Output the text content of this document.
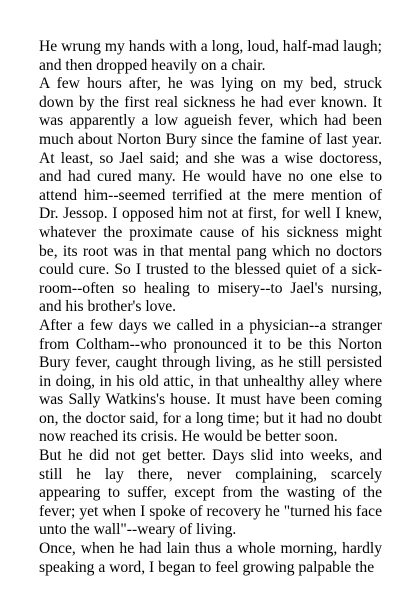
He wrung my hands with a long, loud, half-mad laugh; and then dropped heavily on a chair.

A few hours after, he was lying on my bed, struck down by the first real sickness he had ever known. It was apparently a low agueish fever, which had been much about Norton Bury since the famine of last year. At least, so Jael said; and she was a wise doctoress, and had cured many. He would have no one else to attend him--seemed terrified at the mere mention of Dr. Jessop. I opposed him not at first, for well I knew, whatever the proximate cause of his sickness might be, its root was in that mental pang which no doctors could cure. So I trusted to the blessed quiet of a sick-room--often so healing to misery--to Jael's nursing, and his brother's love.

After a few days we called in a physician--a stranger from Coltham--who pronounced it to be this Norton Bury fever, caught through living, as he still persisted in doing, in his old attic, in that unhealthy alley where was Sally Watkins's house. It must have been coming on, the doctor said, for a long time; but it had no doubt now reached its crisis. He would be better soon.

But he did not get better. Days slid into weeks, and still he lay there, never complaining, scarcely appearing to suffer, except from the wasting of the fever; yet when I spoke of recovery he "turned his face unto the wall"--weary of living.

Once, when he had lain thus a whole morning, hardly speaking a word, I began to feel growing palpable the
